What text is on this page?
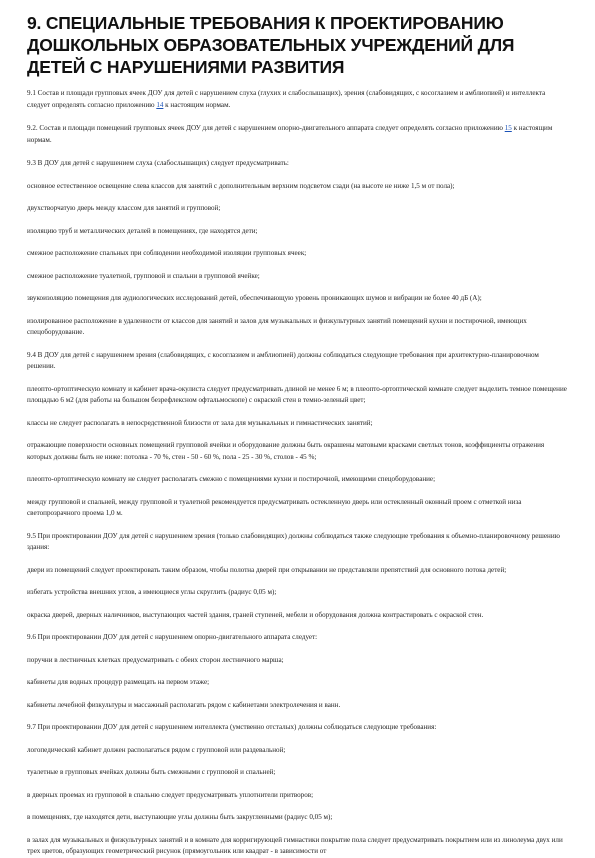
9. СПЕЦИАЛЬНЫЕ ТРЕБОВАНИЯ К ПРОЕКТИРОВАНИЮ ДОШКОЛЬНЫХ ОБРАЗОВАТЕЛЬНЫХ УЧРЕЖДЕНИЙ ДЛЯ ДЕТЕЙ С НАРУШЕНИЯМИ РАЗВИТИЯ

9.1 Состав и площади групповых ячеек ДОУ для детей с нарушением слуха (глухих и слабослышащих), зрения (слабовидящих, с косоглазием и амблиопией) и интеллекта следует определять согласно приложению 14 к настоящим нормам.

9.2. Состав и площади помещений групповых ячеек ДОУ для детей с нарушением опорно-двигательного аппарата следует определять согласно приложению 15 к настоящим нормам.

9.3 В ДОУ для детей с нарушением слуха (слабослышащих) следует предусматривать:

основное естественное освещение слева классов для занятий с дополнительным верхним подсветом сзади (на высоте не ниже 1,5 м от пола);

двухстворчатую дверь между классом для занятий и групповой;

изоляцию труб и металлических деталей в помещениях, где находятся дети;

смежное расположение спальных при соблюдении необходимой изоляции групповых ячеек;

смежное расположение туалетной, групповой и спальни в групповой ячейке;

звукоизоляцию помещения для аудиологических исследований детей, обеспечивающую уровень проникающих шумов и вибрации не более 40 дБ (А);

изолированное расположение в удаленности от классов для занятий и залов для музыкальных и физкультурных занятий помещений кухни и постирочной, имеющих спецоборудование.

9.4 В ДОУ для детей с нарушением зрения (слабовидящих, с косоглазием и амблиопией) должны соблюдаться следующие требования при архитектурно-планировочном решении.

плеопто-ортоптическую комнату и кабинет врача-окулиста следует предусматривать длиной не менее 6 м; в плеопто-ортоптической комнате следует выделить темное помещение площадью 6 м2 (для работы на большом безрефлексном офтальмоскопе) с окраской стен в темно-зеленый цвет;

классы не следует располагать в непосредственной близости от зала для музыкальных и гимнастических занятий;

отражающие поверхности основных помещений групповой ячейки и оборудование должны быть окрашены матовыми красками светлых тонов, коэффициенты отражения которых должны быть не ниже: потолка - 70 %, стен - 50 - 60 %, пола - 25 - 30 %, столов - 45 %;

плеопто-ортоптическую комнату не следует располагать смежно с помещениями кухни и постирочной, имеющими спецоборудование;

между групповой и спальней, между групповой и туалетной рекомендуется предусматривать остекленную дверь или остекленный оконный проем с отметкой низа светопрозрачного проема 1,0 м.

9.5 При проектировании ДОУ для детей с нарушением зрения (только слабовидящих) должны соблюдаться также следующие требования к объемно-планировочному решению здания:

двери из помещений следует проектировать таким образом, чтобы полотна дверей при открывании не представляли препятствий для основного потока детей;

избегать устройства внешних углов, а имеющиеся углы скруглить (радиус 0,05 м);

окраска дверей, дверных наличников, выступающих частей здания, граней ступеней, мебели и оборудования должна контрастировать с окраской стен.

9.6 При проектировании ДОУ для детей с нарушением опорно-двигательного аппарата следует:

поручни в лестничных клетках предусматривать с обеих сторон лестничного марша;

кабинеты для водных процедур размещать на первом этаже;

кабинеты лечебной физкультуры и массажный располагать рядом с кабинетами электролечения и ванн.

9.7 При проектировании ДОУ для детей с нарушением интеллекта (умственно отсталых) должны соблюдаться следующие требования:

логопедический кабинет должен располагаться рядом с групповой или раздевальной;

туалетные в групповых ячейках должны быть смежными с групповой и спальней;

в дверных проемах из групповой в спальню следует предусматривать уплотнители притворов;

в помещениях, где находятся дети, выступающие углы должны быть закругленными (радиус 0,05 м);

в залах для музыкальных и физкультурных занятий и в комнате для корригирующей гимнастики покрытие пола следует предусматривать покрытием или из линолеума двух или трех цветов, образующих геометрический рисунок (прямоугольник или квадрат - в зависимости от
